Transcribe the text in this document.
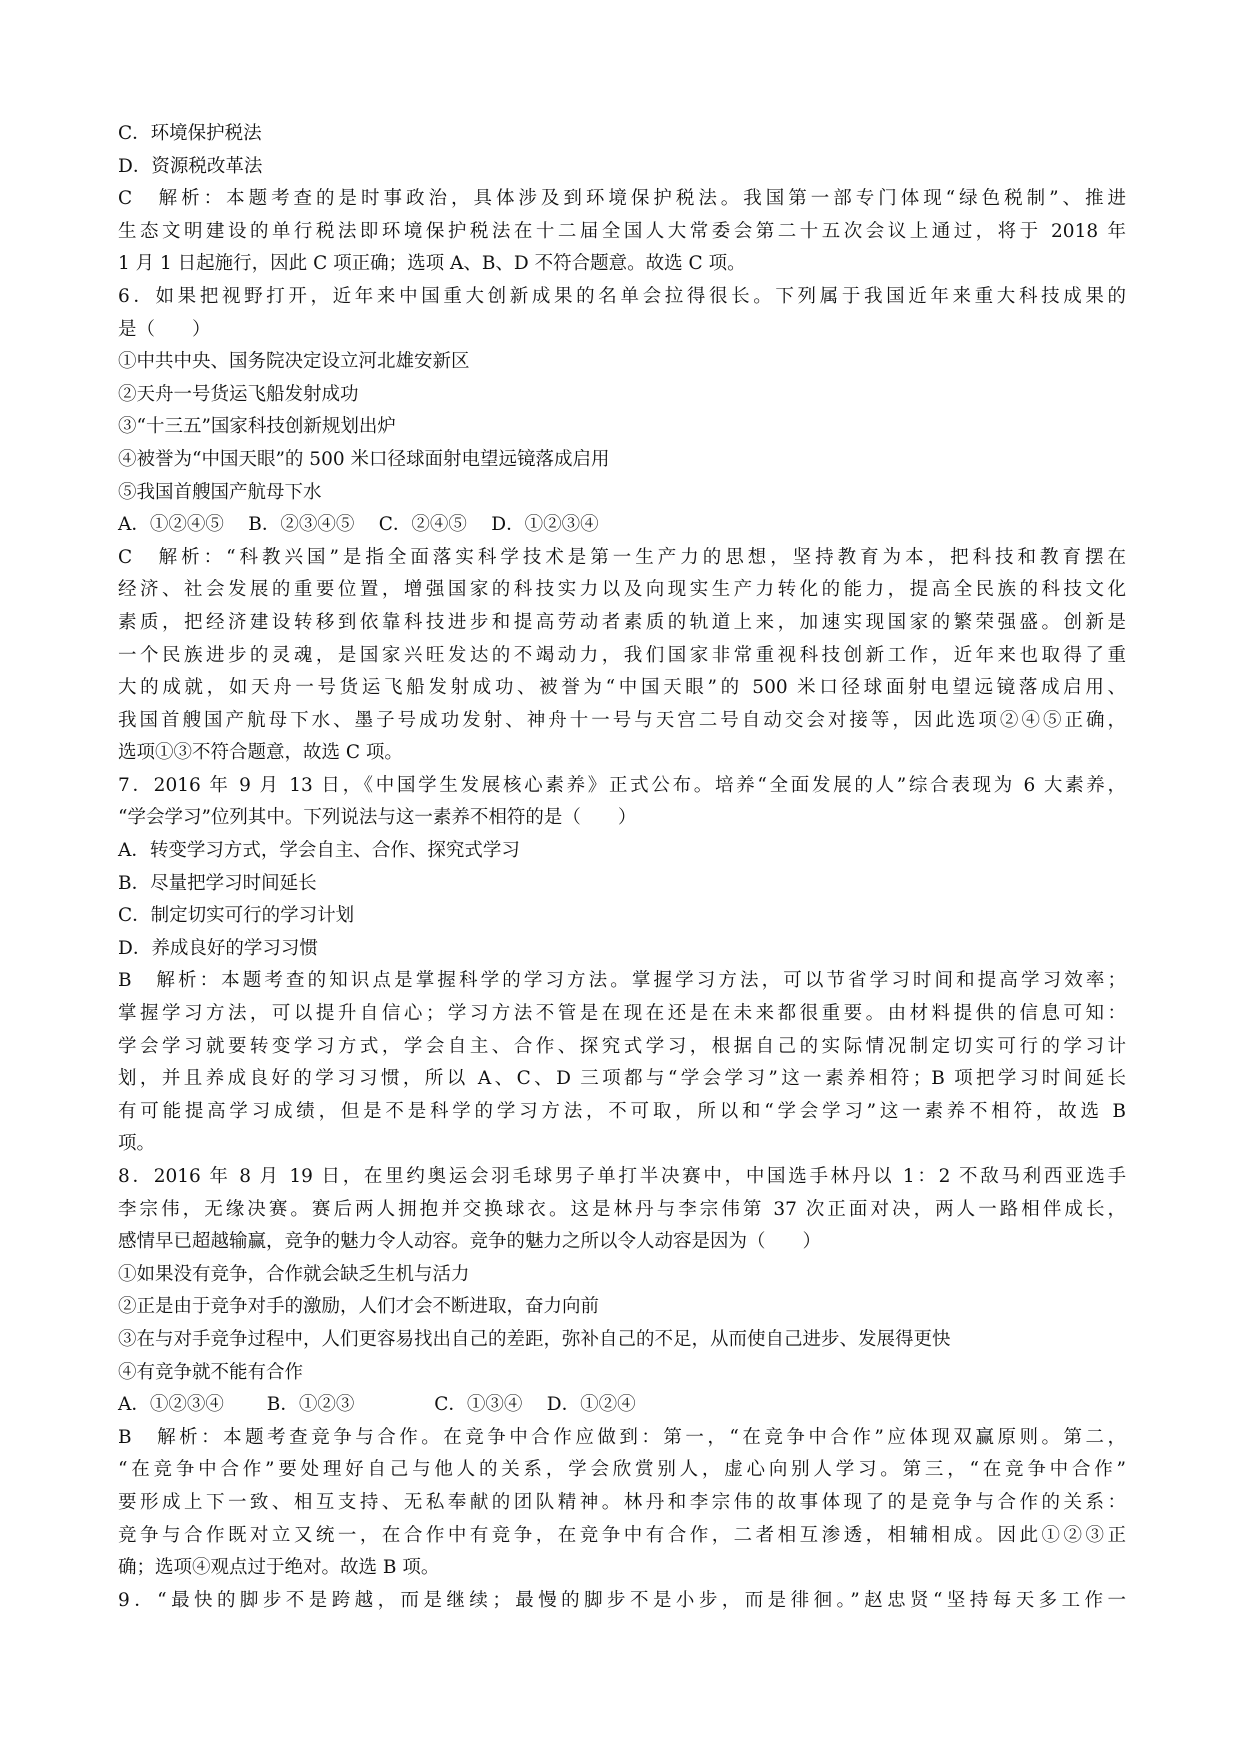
C．环境保护税法
D．资源税改革法
C　解析：本题考查的是时事政治，具体涉及到环境保护税法。我国第一部专门体现“绿色税制”、推进
生态文明建设的单行税法即环境保护税法在十二届全国人大常委会第二十五次会议上通过，将于 2018 年
1 月 1 日起施行，因此 C 项正确；选项 A、B、D 不符合题意。故选 C 项。
6．如果把视野打开，近年来中国重大创新成果的名单会拉得很长。下列属于我国近年来重大科技成果的
是（　　）
①中共中央、国务院决定设立河北雄安新区
②天舟一号货运飞船发射成功
③“十三五”国家科技创新规划出炉
④被誉为“中国天眼”的 500 米口径球面射电望远镜落成启用
⑤我国首艘国产航母下水
A．①②④⑤　 B．②③④⑤　 C．②④⑤　 D．①②③④
C　解析：“科教兴国”是指全面落实科学技术是第一生产力的思想，坚持教育为本，把科技和教育摆在
经济、社会发展的重要位置，增强国家的科技实力以及向现实生产力转化的能力，提高全民族的科技文化
素质，把经济建设转移到依靠科技进步和提高劳动者素质的轨道上来，加速实现国家的繁荣强盛。创新是
一个民族进步的灵魂，是国家兴旺发达的不竭动力，我们国家非常重视科技创新工作，近年来也取得了重
大的成就，如天舟一号货运飞船发射成功、被誉为“中国天眼”的 500 米口径球面射电望远镜落成启用、
我国首艘国产航母下水、墨子号成功发射、神舟十一号与天宫二号自动交会对接等，因此选项②④⑤正确，
选项①③不符合题意，故选 C 项。
7．2016 年 9 月 13 日，《中国学生发展核心素养》正式公布。培养“全面发展的人”综合表现为 6 大素养，
“学会学习”位列其中。下列说法与这一素养不相符的是（　　）
A．转变学习方式，学会自主、合作、探究式学习
B．尽量把学习时间延长
C．制定切实可行的学习计划
D．养成良好的学习习惯
B　解析：本题考查的知识点是掌握科学的学习方法。掌握学习方法，可以节省学习时间和提高学习效率；
掌握学习方法，可以提升自信心；学习方法不管是在现在还是在未来都很重要。由材料提供的信息可知：
学会学习就要转变学习方式，学会自主、合作、探究式学习，根据自己的实际情况制定切实可行的学习计
划，并且养成良好的学习习惯，所以 A、C、D 三项都与“学会学习”这一素养相符；B 项把学习时间延长
有可能提高学习成绩，但是不是科学的学习方法，不可取，所以和“学会学习”这一素养不相符，故选 B
项。
8．2016 年 8 月 19 日，在里约奥运会羽毛球男子单打半决赛中，中国选手林丹以 1：2 不敌马利西亚选手
李宗伟，无缘决赛。赛后两人拥抱并交换球衣。这是林丹与李宗伟第 37 次正面对决，两人一路相伴成长，
感情早已超越输赢，竞争的魅力令人动容。竞争的魅力之所以令人动容是因为（　　）
①如果没有竞争，合作就会缺乏生机与活力
②正是由于竞争对手的激励，人们才会不断进取，奋力向前
③在与对手竞争过程中，人们更容易找出自己的差距，弥补自己的不足，从而使自己进步、发展得更快
④有竞争就不能有合作
A．①②③④　　 B．①②③　　　　 C．①③④　 D．①②④
B　解析：本题考查竞争与合作。在竞争中合作应做到：第一，“在竞争中合作”应体现双赢原则。第二，
“在竞争中合作”要处理好自己与他人的关系，学会欣赏别人，虚心向别人学习。第三，“在竞争中合作”
要形成上下一致、相互支持、无私奉献的团队精神。林丹和李宗伟的故事体现了的是竞争与合作的关系：
竞争与合作既对立又统一，在合作中有竞争，在竞争中有合作，二者相互渗透，相辅相成。因此①②③正
确；选项④观点过于绝对。故选 B 项。
9．“最快的脚步不是跨越，而是继续；最慢的脚步不是小步，而是徘徊。”赵忠贤“坚持每天多工作一
